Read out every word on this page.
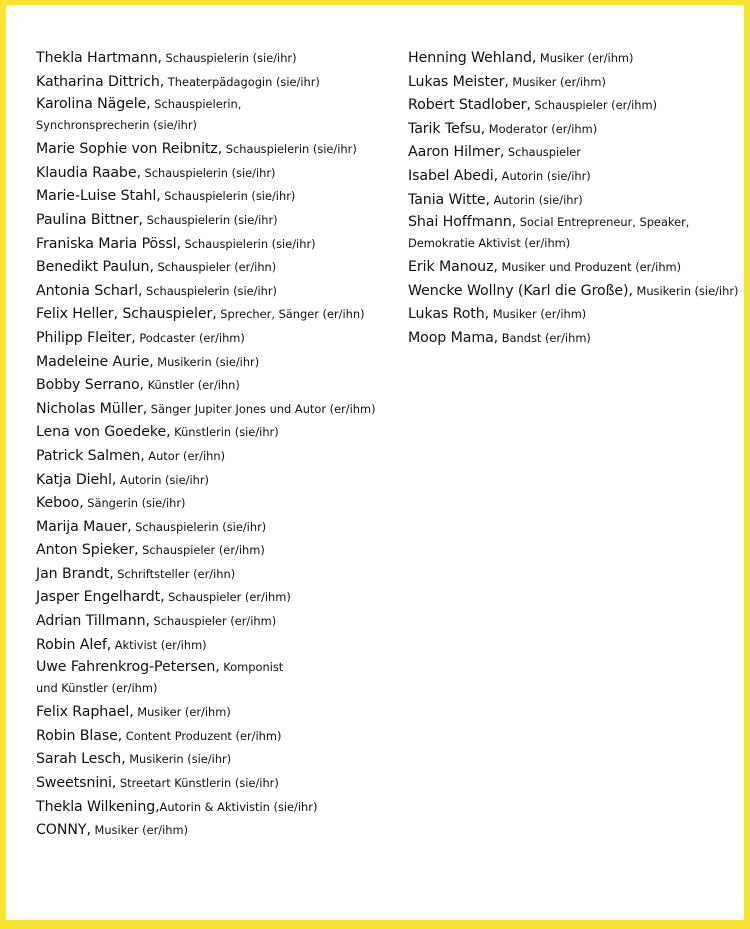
Thekla Hartmann, Schauspielerin (sie/ihr)
Katharina Dittrich, Theaterpädagogin (sie/ihr)
Karolina Nägele, Schauspielerin,
Synchronsprecherin (sie/ihr)
Marie Sophie von Reibnitz, Schauspielerin (sie/ihr)
Klaudia Raabe, Schauspielerin (sie/ihr)
Marie-Luise Stahl, Schauspielerin (sie/ihr)
Paulina Bittner, Schauspielerin (sie/ihr)
Franiska Maria Pössl, Schauspielerin (sie/ihr)
Benedikt Paulun, Schauspieler (er/ihn)
Antonia Scharl, Schauspielerin (sie/ihr)
Felix Heller, Schauspieler, Sprecher, Sänger (er/ihn)
Philipp Fleiter, Podcaster (er/ihm)
Madeleine Aurie, Musikerin (sie/ihr)
Bobby Serrano, Künstler (er/ihn)
Nicholas Müller, Sänger Jupiter Jones und Autor (er/ihm)
Lena von Goedeke, Künstlerin (sie/ihr)
Patrick Salmen, Autor (er/ihn)
Katja Diehl, Autorin (sie/ihr)
Keboo, Sängerin (sie/ihr)
Marija Mauer, Schauspielerin (sie/ihr)
Anton Spieker, Schauspieler (er/ihm)
Jan Brandt, Schriftsteller (er/ihn)
Jasper Engelhardt, Schauspieler (er/ihm)
Adrian Tillmann, Schauspieler (er/ihm)
Robin Alef, Aktivist (er/ihm)
Uwe Fahrenkrog-Petersen, Komponist
und Künstler (er/ihm)
Felix Raphael, Musiker (er/ihm)
Robin Blase, Content Produzent (er/ihm)
Sarah Lesch, Musikerin (sie/ihr)
Sweetsnini, Streetart Künstlerin (sie/ihr)
Thekla Wilkening,Autorin & Aktivistin (sie/ihr)
CONNY, Musiker (er/ihm)
Henning Wehland, Musiker (er/ihm)
Lukas Meister, Musiker (er/ihm)
Robert Stadlober, Schauspieler (er/ihm)
Tarik Tefsu, Moderator (er/ihm)
Aaron Hilmer, Schauspieler
Isabel Abedi, Autorin (sie/ihr)
Tania Witte, Autorin (sie/ihr)
Shai Hoffmann, Social Entrepreneur, Speaker,
Demokratie Aktivist (er/ihm)
Erik Manouz, Musiker und Produzent (er/ihm)
Wencke Wollny (Karl die Große), Musikerin (sie/ihr)
Lukas Roth, Musiker (er/ihm)
Moop Mama, Bandst (er/ihm)
